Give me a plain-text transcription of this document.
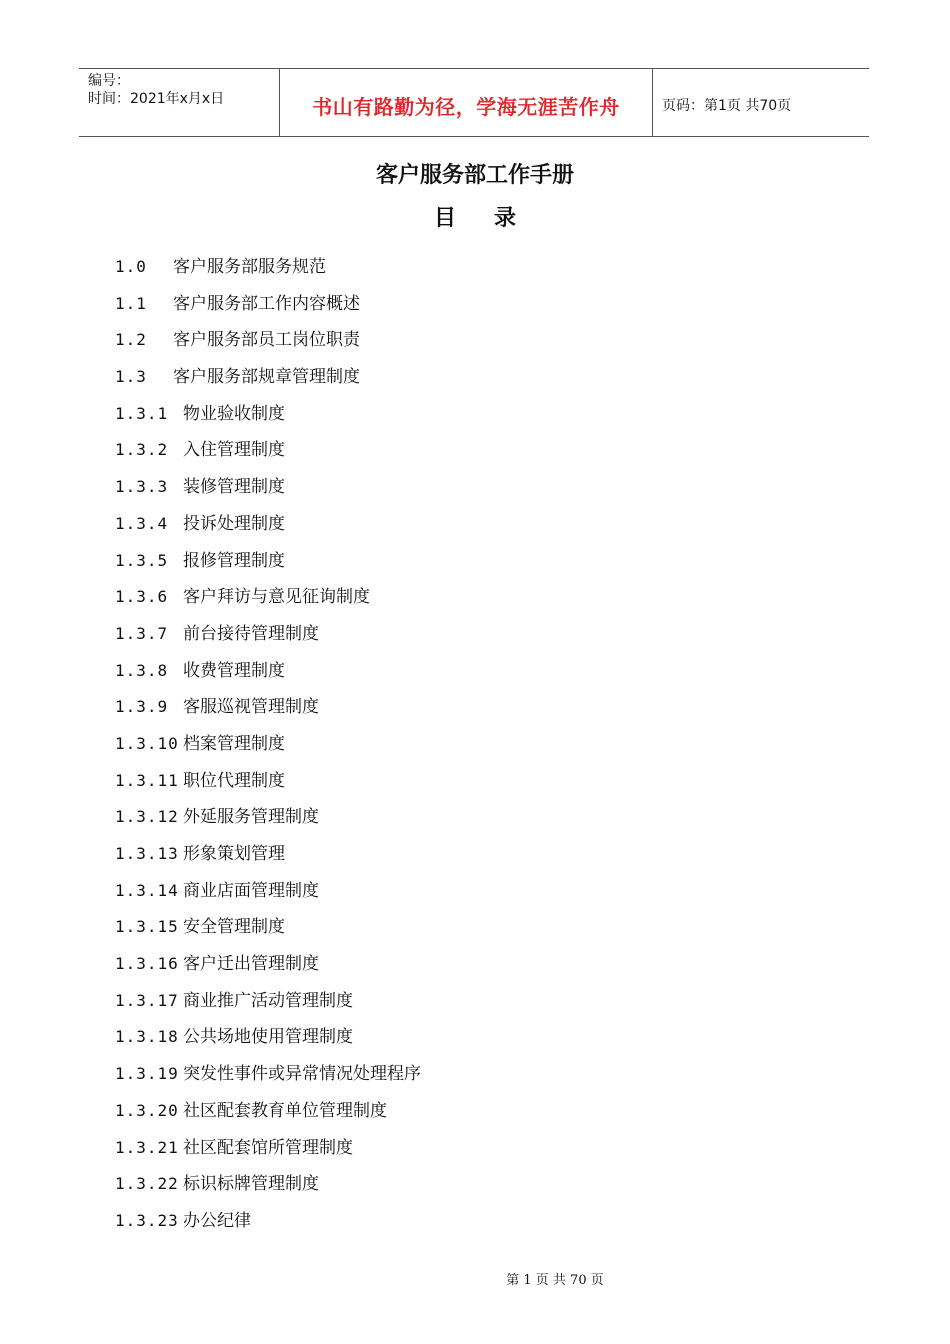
编号：
时间：2021年x月x日	书山有路勤为径，学海无涯苦作舟	页码：第1页 共70页
客户服务部工作手册
目录
1.0	客户服务部服务规范
1.1	客户服务部工作内容概述
1.2	客户服务部员工岗位职责
1.3	客户服务部规章管理制度
1.3.1 物业验收制度
1.3.2 入住管理制度
1.3.3 装修管理制度
1.3.4 投诉处理制度
1.3.5 报修管理制度
1.3.6 客户拜访与意见征询制度
1.3.7 前台接待管理制度
1.3.8 收费管理制度
1.3.9 客服巡视管理制度
1.3.10 档案管理制度
1.3.11 职位代理制度
1.3.12 外延服务管理制度
1.3.13 形象策划管理
1.3.14 商业店面管理制度
1.3.15 安全管理制度
1.3.16 客户迁出管理制度
1.3.17 商业推广活动管理制度
1.3.18 公共场地使用管理制度
1.3.19 突发性事件或异常情况处理程序
1.3.20 社区配套教育单位管理制度
1.3.21 社区配套馆所管理制度
1.3.22 标识标牌管理制度
1.3.23 办公纪律
第 1 页 共 70 页
